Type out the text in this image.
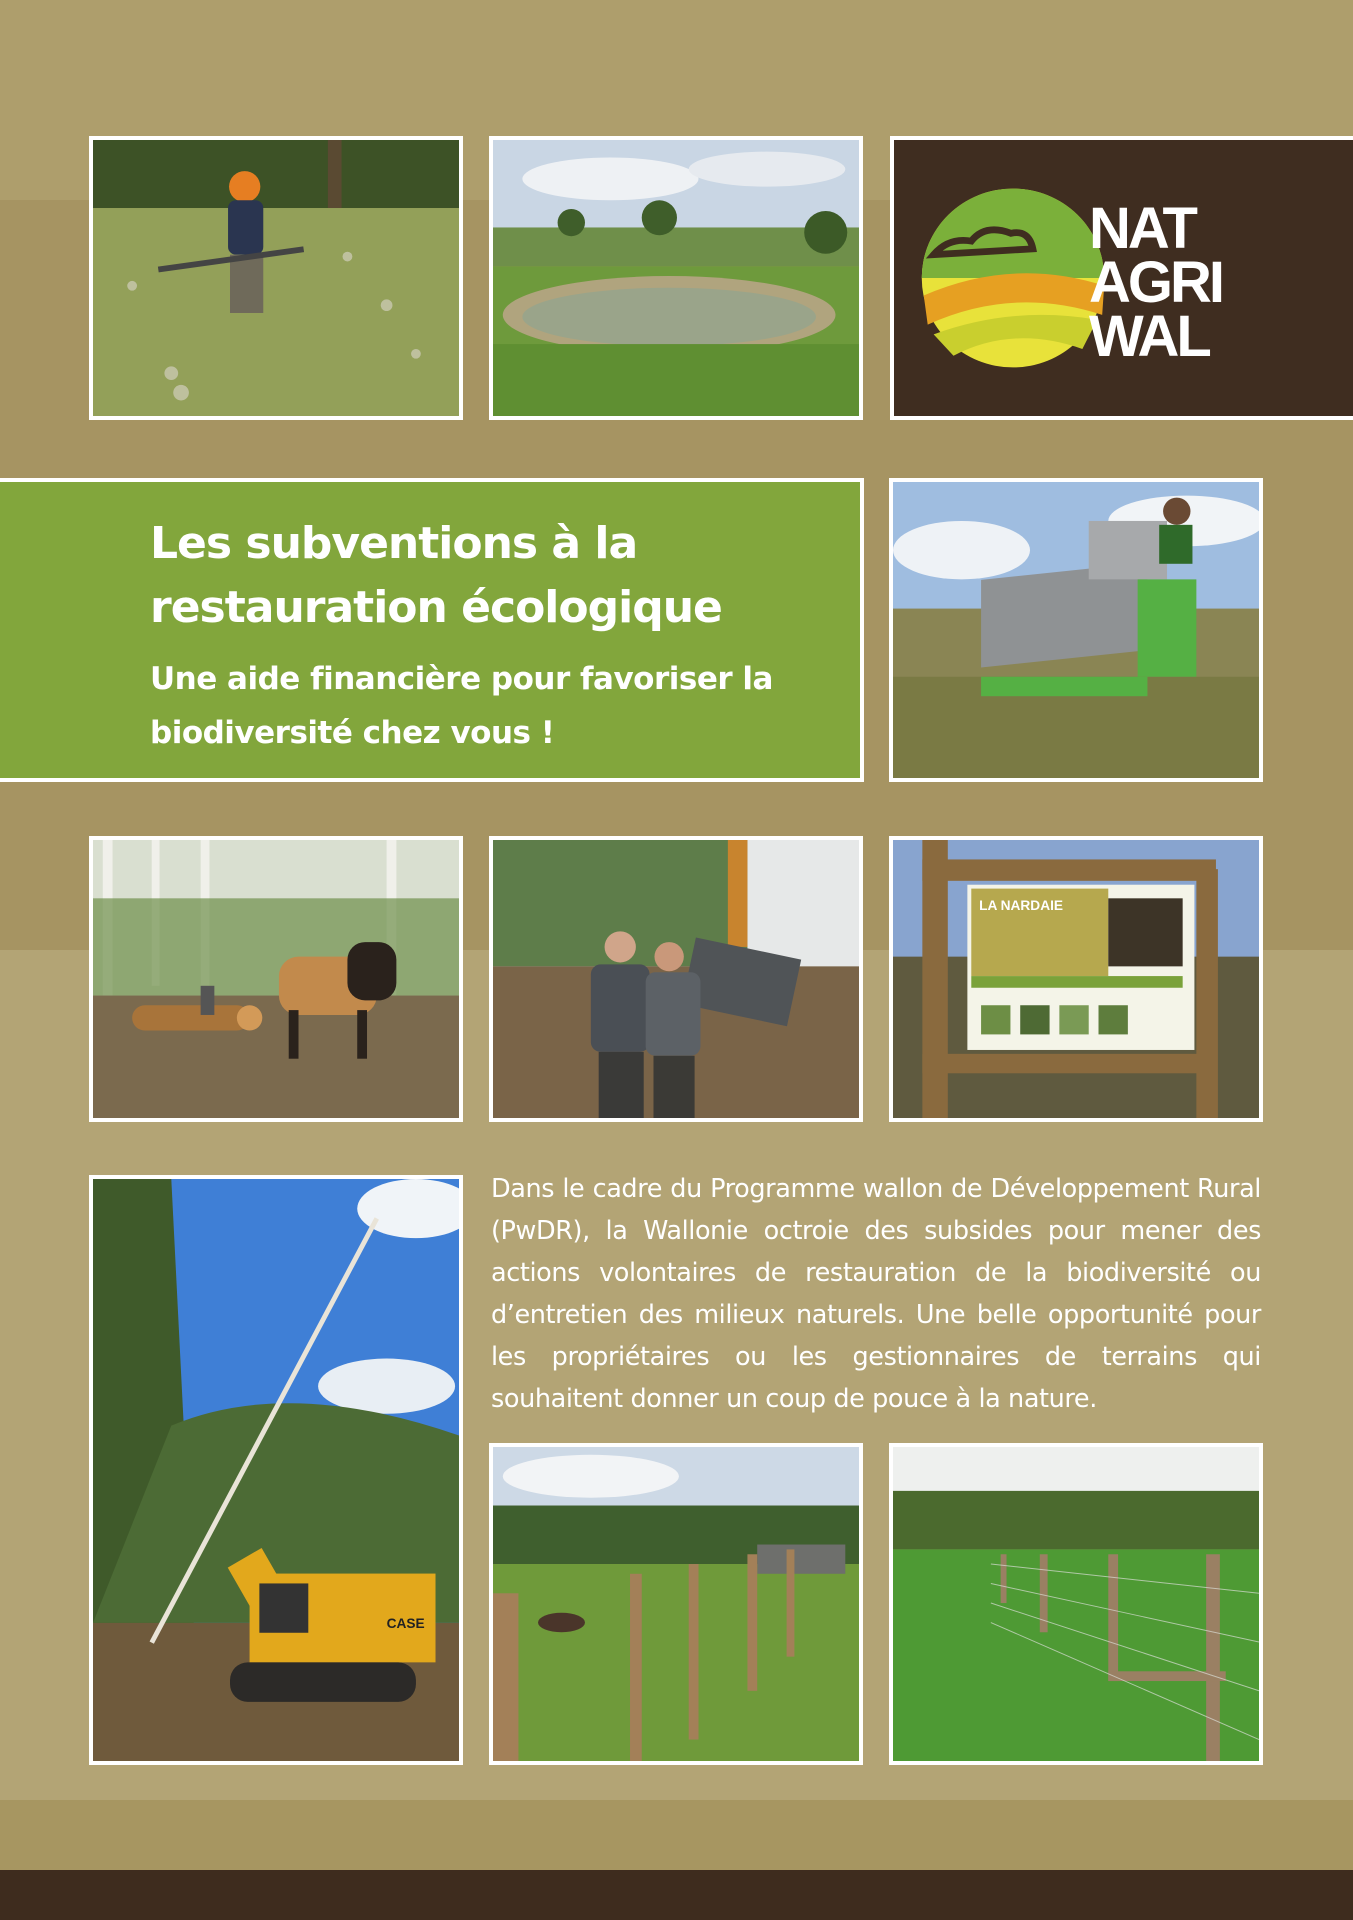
NAT
AGRI
WAL
Les subventions à la restauration écologique
Une aide financière pour favoriser la biodiversité chez vous !
LA NARDAIE
CASE
Dans le cadre du Programme wallon de Développement Rural (PwDR), la Wallonie octroie des subsides pour mener des actions volontaires de restauration de la biodiversité ou d’entretien des milieux naturels. Une belle opportunité pour les propriétaires ou les gestionnaires de terrains qui souhaitent donner un coup de pouce à la nature.
